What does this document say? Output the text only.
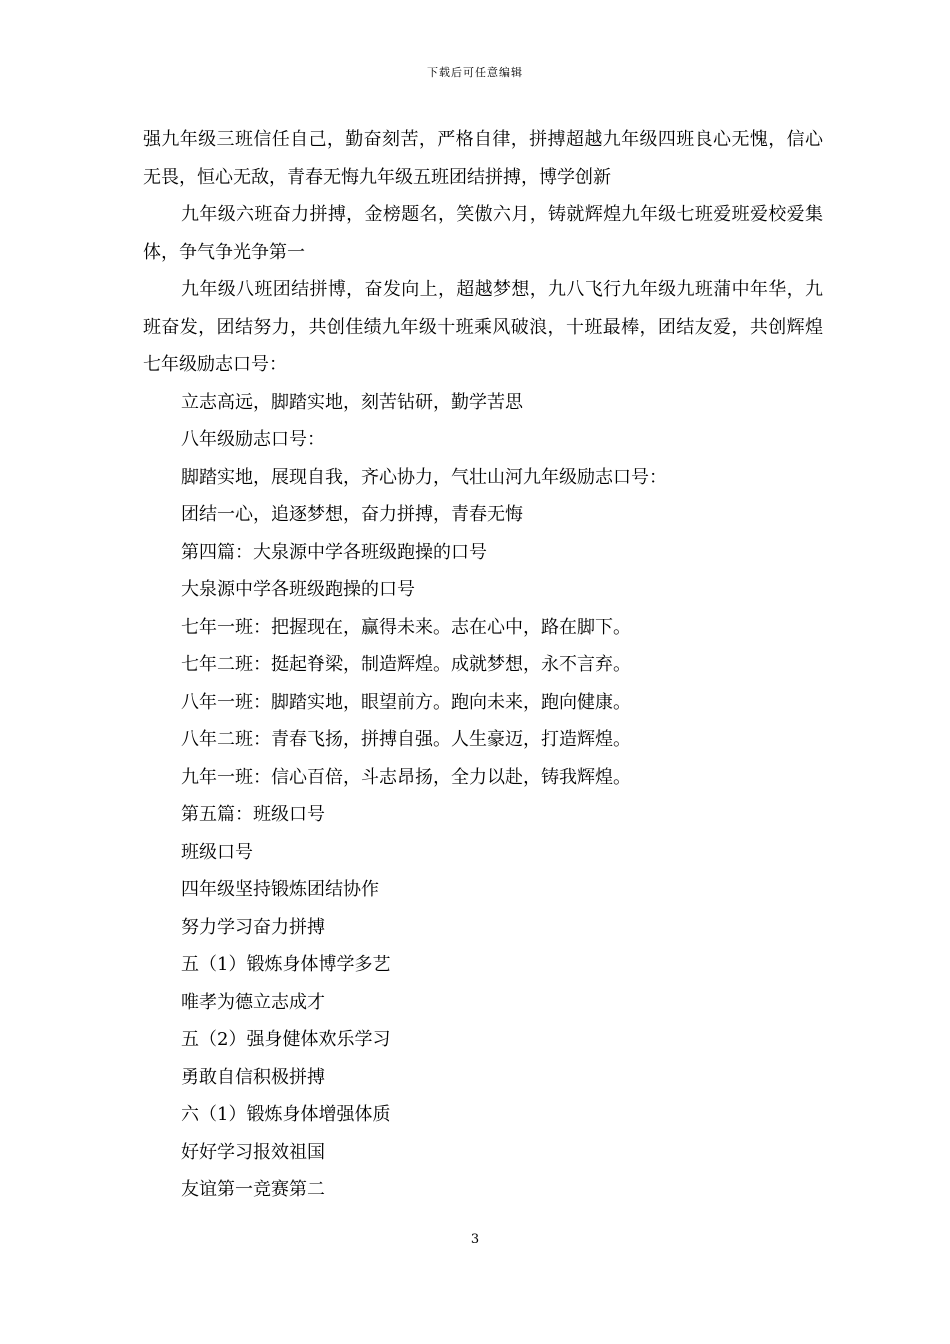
下载后可任意编辑

强九年级三班信任自己，勤奋刻苦，严格自律，拼搏超越九年级四班良心无愧，信心无畏，恒心无敌，青春无悔九年级五班团结拼搏，博学创新

九年级六班奋力拼搏，金榜题名，笑傲六月，铸就辉煌九年级七班爱班爱校爱集体，争气争光争第一

九年级八班团结拼博，奋发向上，超越梦想，九八飞行九年级九班蒲中年华，九班奋发，团结努力，共创佳绩九年级十班乘风破浪，十班最棒，团结友爱，共创辉煌七年级励志口号：

立志高远，脚踏实地，刻苦钻研，勤学苦思

八年级励志口号：

脚踏实地，展现自我，齐心协力，气壮山河九年级励志口号：

团结一心，追逐梦想，奋力拼搏，青春无悔

第四篇：大泉源中学各班级跑操的口号

大泉源中学各班级跑操的口号

七年一班：把握现在，赢得未来。志在心中，路在脚下。

七年二班：挺起脊梁，制造辉煌。成就梦想，永不言弃。

八年一班：脚踏实地，眼望前方。跑向未来，跑向健康。

八年二班：青春飞扬，拼搏自强。人生豪迈，打造辉煌。

九年一班：信心百倍，斗志昂扬，全力以赴，铸我辉煌。

第五篇：班级口号

班级口号

四年级坚持锻炼团结协作

努力学习奋力拼搏

五（1）锻炼身体博学多艺

唯孝为德立志成才

五（2）强身健体欢乐学习

勇敢自信积极拼搏

六（1）锻炼身体增强体质

好好学习报效祖国

友谊第一竞赛第二

3
